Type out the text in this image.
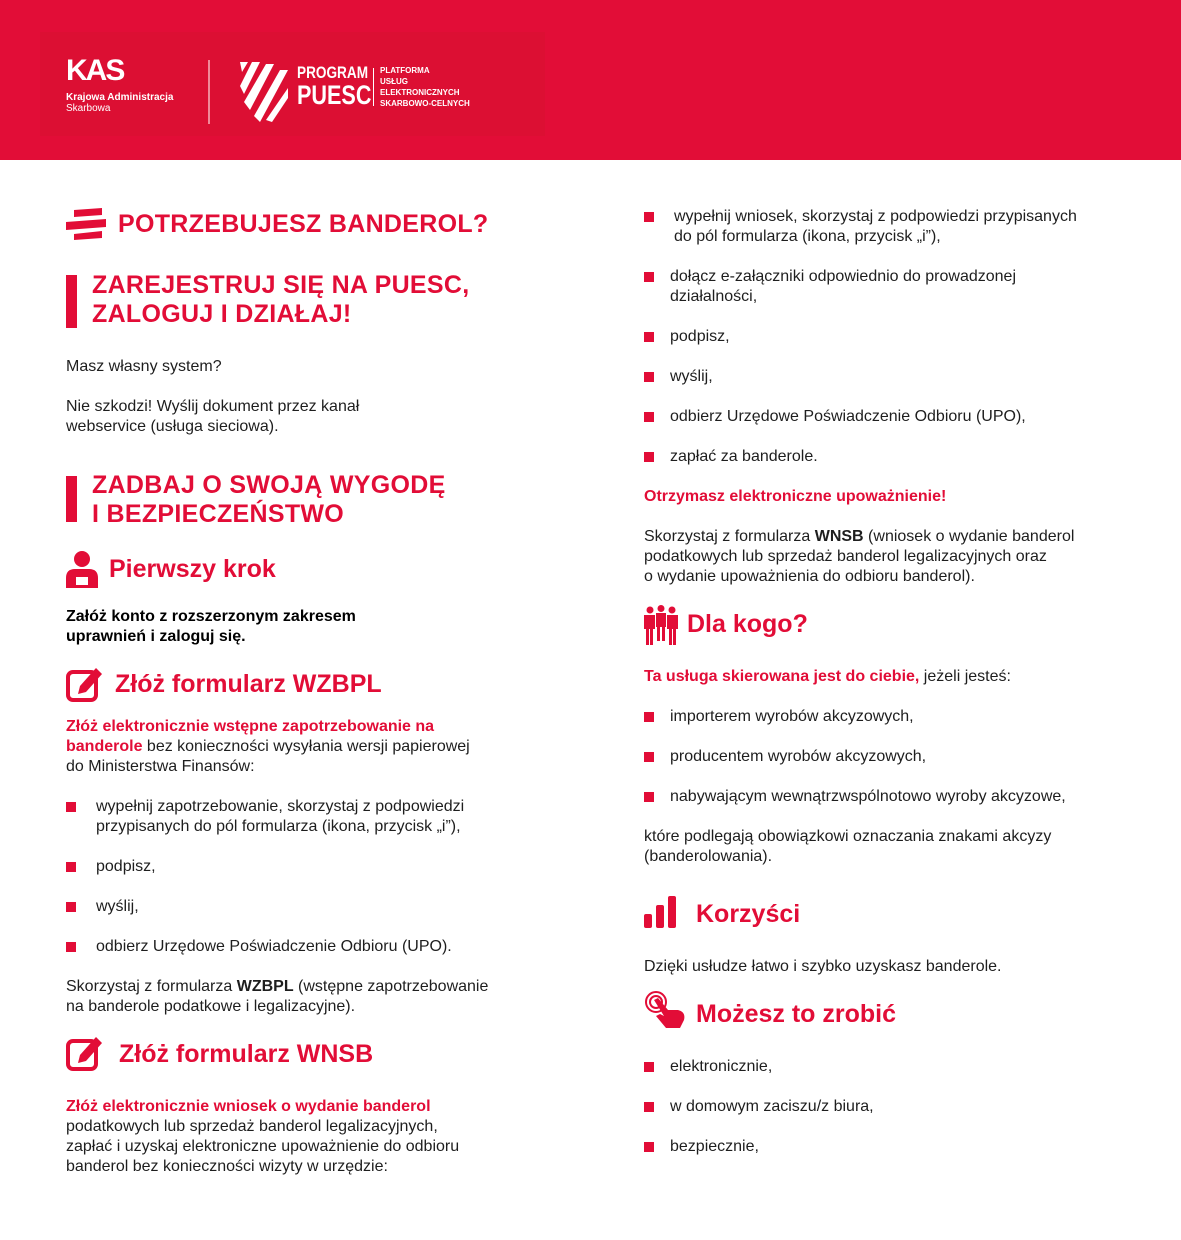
KAS
Krajowa Administracja
Skarbowa
PROGRAM
PUESC
PLATFORMA
USŁUG
ELEKTRONICZNYCH
SKARBOWO-CELNYCH
POTRZEBUJESZ BANDEROL?
ZAREJESTRUJ SIĘ NA PUESC,
ZALOGUJ I DZIAŁAJ!
Masz własny system?
Nie szkodzi! Wyślij dokument przez kanał
webservice (usługa sieciowa).
ZADBAJ O SWOJĄ WYGODĘ
I BEZPIECZEŃSTWO
Pierwszy krok
Załóż konto z rozszerzonym zakresem
uprawnień i zaloguj się.
Złóż formularz WZBPL
Złóż elektronicznie wstępne zapotrzebowanie na
banderole bez konieczności wysyłania wersji papierowej
do Ministerstwa Finansów:
wypełnij zapotrzebowanie, skorzystaj z podpowiedzi
przypisanych do pól formularza (ikona, przycisk „i”),
podpisz,
wyślij,
odbierz Urzędowe Poświadczenie Odbioru (UPO).
Skorzystaj z formularza WZBPL (wstępne zapotrzebowanie
na banderole podatkowe i legalizacyjne).
Złóż formularz WNSB
Złóż elektronicznie wniosek o wydanie banderol
podatkowych lub sprzedaż banderol legalizacyjnych,
zapłać i uzyskaj elektroniczne upoważnienie do odbioru
banderol bez konieczności wizyty w urzędzie:
wypełnij wniosek, skorzystaj z podpowiedzi przypisanych
do pól formularza (ikona, przycisk „i”),
dołącz e-załączniki odpowiednio do prowadzonej
działalności,
podpisz,
wyślij,
odbierz Urzędowe Poświadczenie Odbioru (UPO),
zapłać za banderole.
Otrzymasz elektroniczne upoważnienie!
Skorzystaj z formularza WNSB (wniosek o wydanie banderol
podatkowych lub sprzedaż banderol legalizacyjnych oraz
o wydanie upoważnienia do odbioru banderol).
Dla kogo?
Ta usługa skierowana jest do ciebie, jeżeli jesteś:
importerem wyrobów akcyzowych,
producentem wyrobów akcyzowych,
nabywającym wewnątrzwspólnotowo wyroby akcyzowe,
które podlegają obowiązkowi oznaczania znakami akcyzy
(banderolowania).
Korzyści
Dzięki usłudze łatwo i szybko uzyskasz banderole.
Możesz to zrobić
elektronicznie,
w domowym zaciszu/z biura,
bezpiecznie,
